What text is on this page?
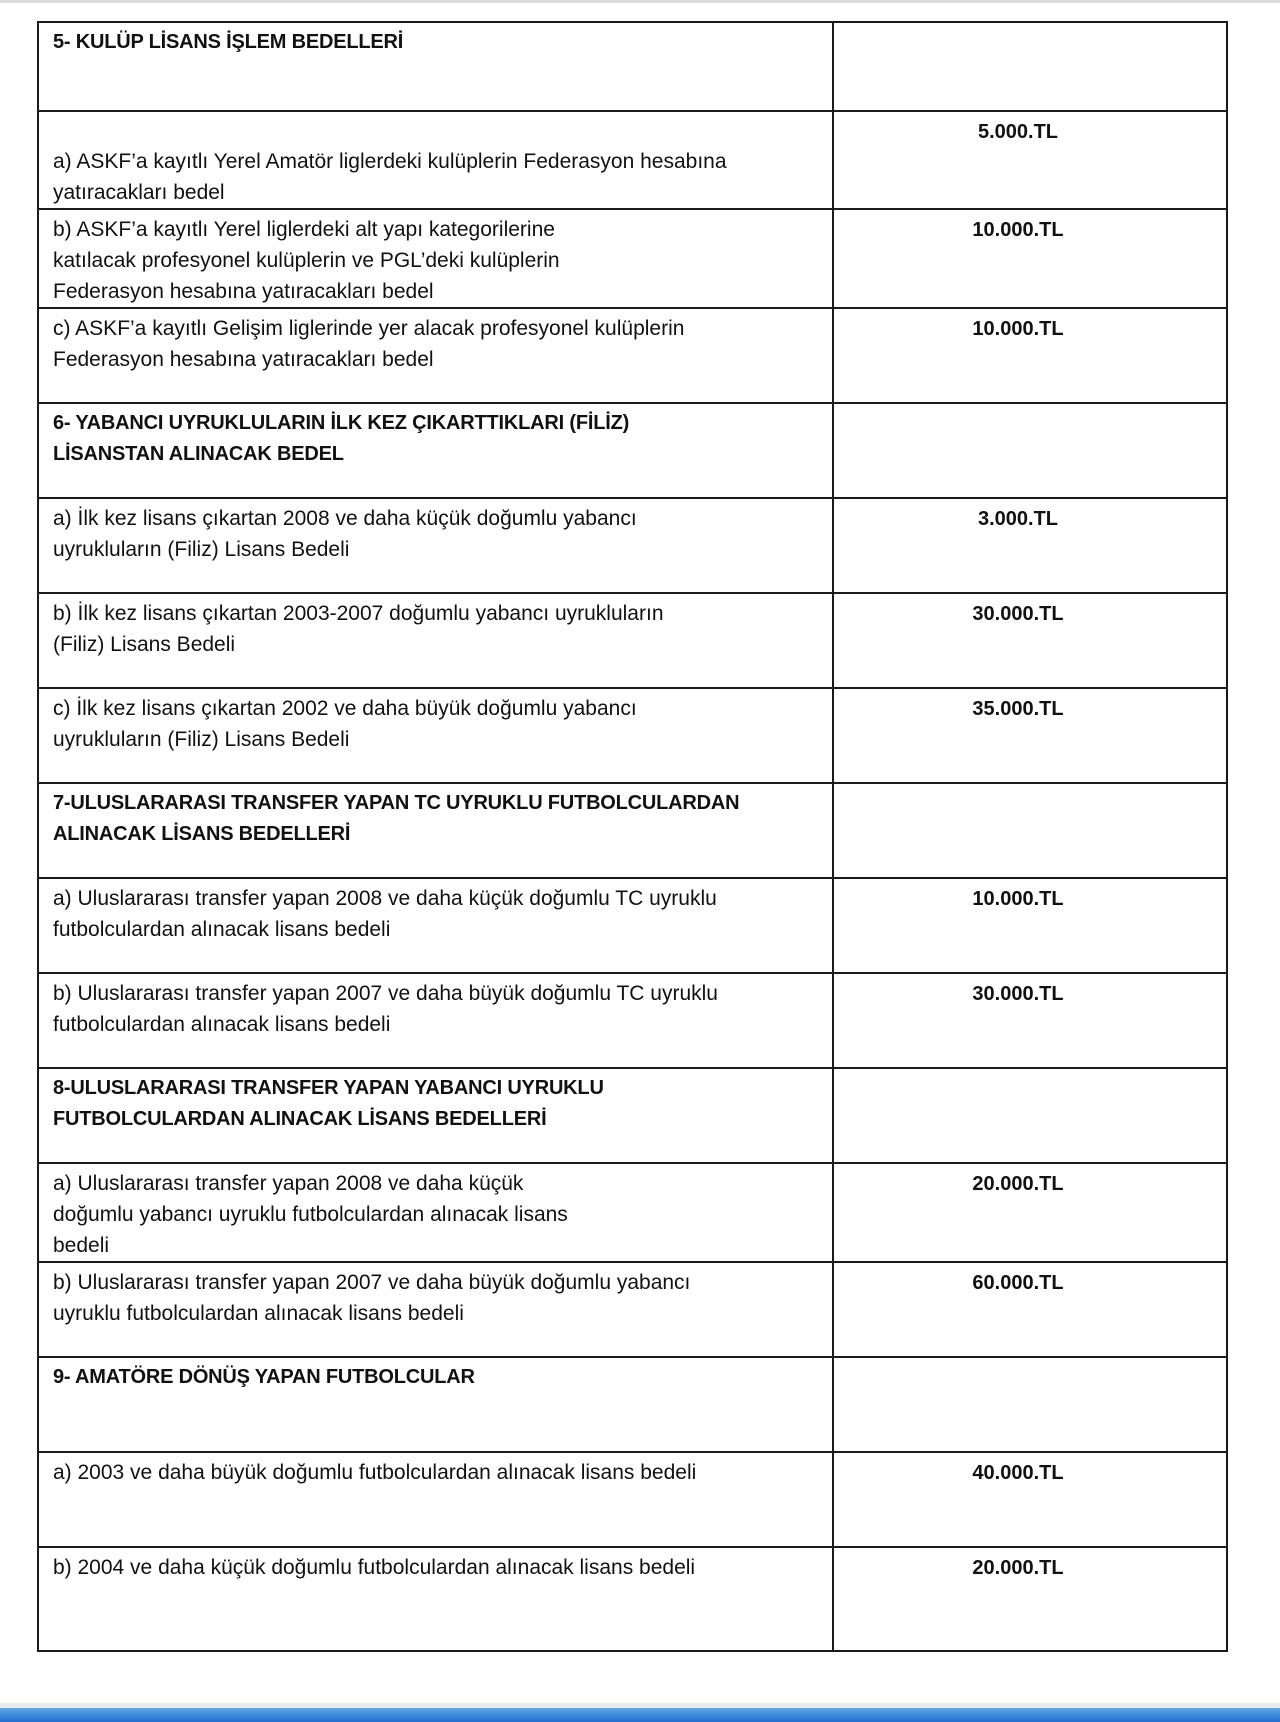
5- KULÜP LİSANS İŞLEM BEDELLERİ	

a) ASKF’a kayıtlı Yerel Amatör liglerdeki kulüplerin Federasyon hesabına
yatıracakları bedel	5.000.TL

b) ASKF’a kayıtlı Yerel liglerdeki alt yapı kategorilerine
katılacak profesyonel kulüplerin ve PGL’deki kulüplerin
Federasyon hesabına yatıracakları bedel	10.000.TL

c) ASKF’a kayıtlı Gelişim liglerinde yer alacak profesyonel kulüplerin
Federasyon hesabına yatıracakları bedel	10.000.TL

6- YABANCI UYRUKLULARIN İLK KEZ ÇIKARTTIKLARI (FİLİZ)
LİSANSTAN ALINACAK BEDEL	

a) İlk kez lisans çıkartan 2008 ve daha küçük doğumlu yabancı
uyrukluların (Filiz) Lisans Bedeli	3.000.TL

b) İlk kez lisans çıkartan 2003-2007 doğumlu yabancı uyrukluların
(Filiz) Lisans Bedeli	30.000.TL

c) İlk kez lisans çıkartan 2002 ve daha büyük doğumlu yabancı
uyrukluların (Filiz) Lisans Bedeli	35.000.TL

7-ULUSLARARASI TRANSFER YAPAN TC UYRUKLU FUTBOLCULARDAN
ALINACAK LİSANS BEDELLERİ	

a) Uluslararası transfer yapan 2008 ve daha küçük doğumlu TC uyruklu
futbolculardan alınacak lisans bedeli	10.000.TL

b) Uluslararası transfer yapan 2007 ve daha büyük doğumlu TC uyruklu
futbolculardan alınacak lisans bedeli	30.000.TL

8-ULUSLARARASI TRANSFER YAPAN YABANCI UYRUKLU
FUTBOLCULARDAN ALINACAK LİSANS BEDELLERİ	

a) Uluslararası transfer yapan 2008 ve daha küçük
doğumlu yabancı uyruklu futbolculardan alınacak lisans
bedeli	20.000.TL

b) Uluslararası transfer yapan 2007 ve daha büyük doğumlu yabancı
uyruklu futbolculardan alınacak lisans bedeli	60.000.TL

9- AMATÖRE DÖNÜŞ YAPAN FUTBOLCULAR	

a) 2003 ve daha büyük doğumlu futbolculardan alınacak lisans bedeli	40.000.TL

b) 2004 ve daha küçük doğumlu futbolculardan alınacak lisans bedeli	20.000.TL
